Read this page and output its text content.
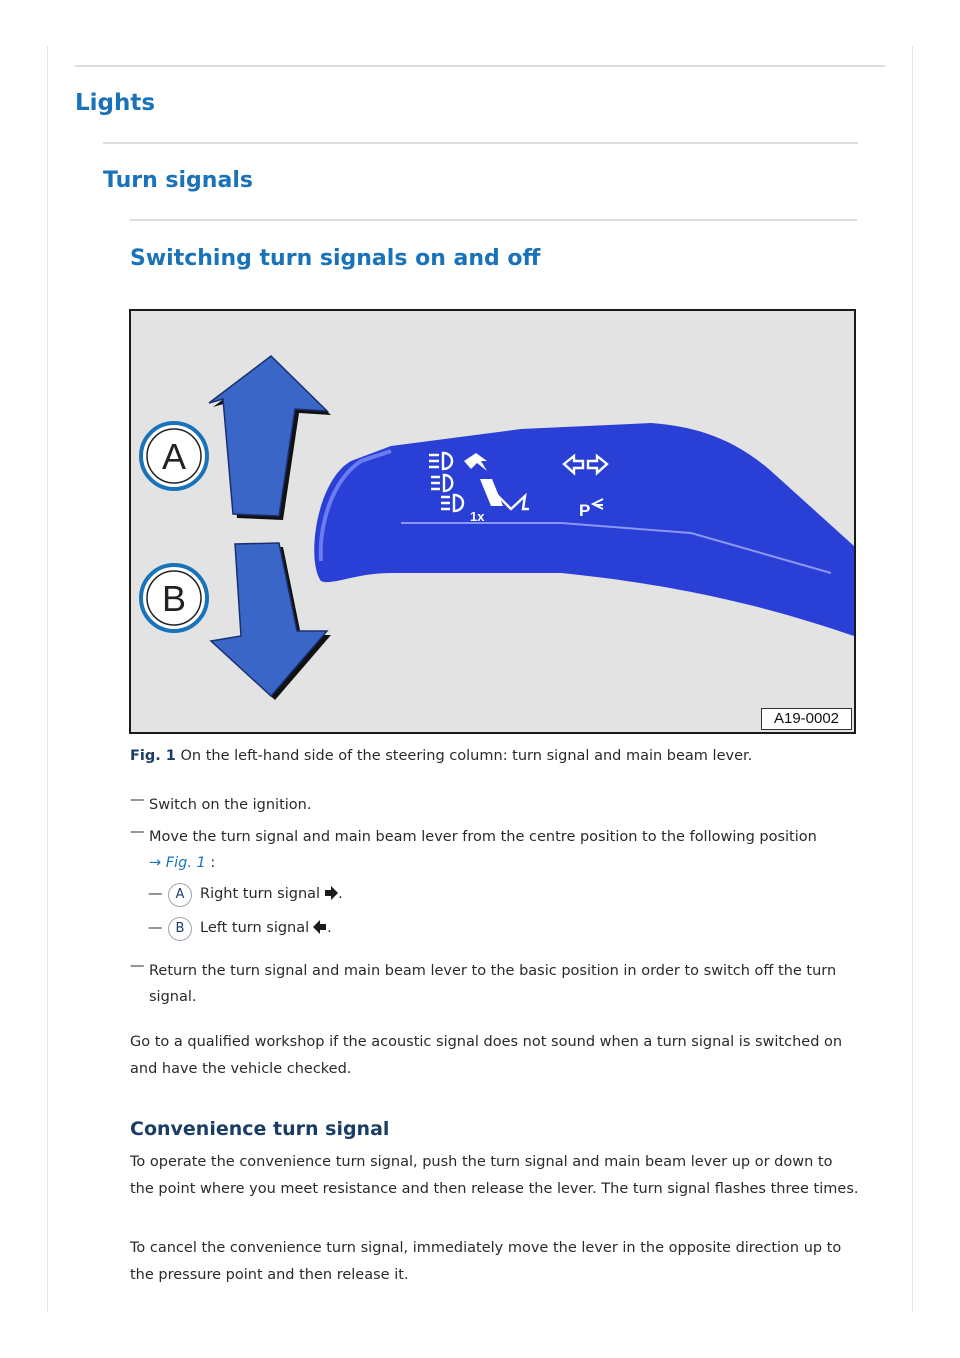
Lights
Turn signals
Switching turn signals on and off
1x	P
A
B
A19-0002
Fig. 1 On the left-hand side of the steering column: turn signal and main beam lever.
— Switch on the ignition.
— Move the turn signal and main beam lever from the centre position to the following position
→ Fig. 1 :
—	A	Right turn signal .
—	B	Left turn signal .
— Return the turn signal and main beam lever to the basic position in order to switch off the turn signal.
Go to a qualified workshop if the acoustic signal does not sound when a turn signal is switched on and have the vehicle checked.
Convenience turn signal
To operate the convenience turn signal, push the turn signal and main beam lever up or down to the point where you meet resistance and then release the lever. The turn signal flashes three times.
To cancel the convenience turn signal, immediately move the lever in the opposite direction up to the pressure point and then release it.
